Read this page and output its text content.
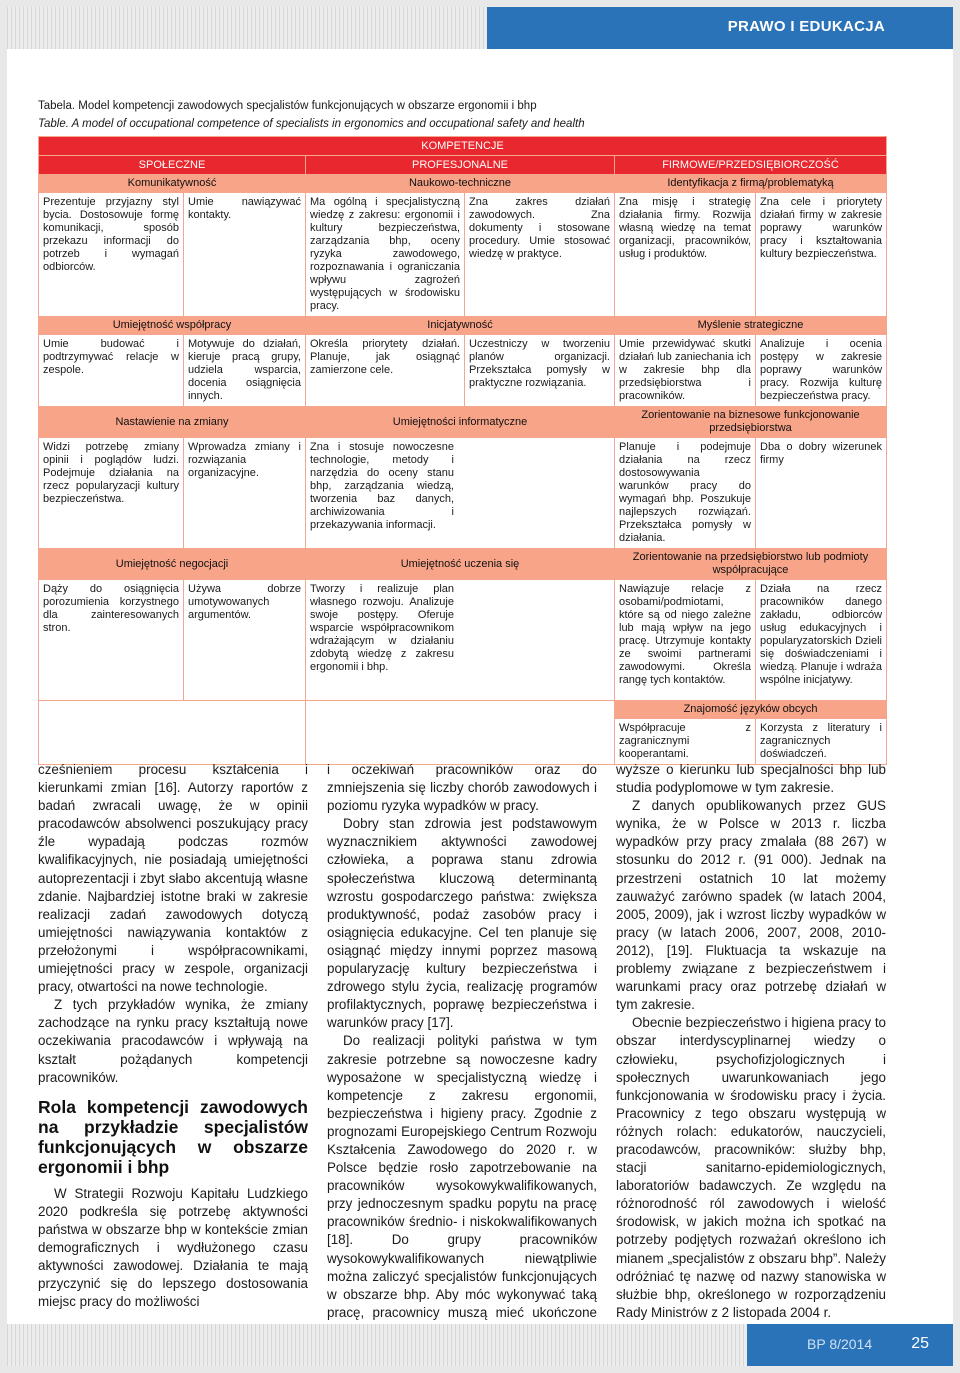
PRAWO I EDUKACJA
Tabela. Model kompetencji zawodowych specjalistów funkcjonujących w obszarze ergonomii i bhp
Table. A model of occupational competence of specialists in ergonomics and occupational safety and health
KOMPETENCJE					
SPOŁECZNE		PROFESJONALNE		FIRMOWE/PRZEDSIĘBIORCZOŚĆ	
Komunikatywność		Naukowo-techniczne		Identyfikacja z firmą/problematyką	
Prezentuje przyjazny styl bycia. Dostosowuje formę komunikacji, sposób przekazu informacji do potrzeb i wymagań odbiorców.	Umie nawiązywać kontakty.	Ma ogólną i specjalistyczną wiedzę z zakresu: ergonomii i kultury bezpieczeństwa, zarządzania bhp, oceny ryzyka zawodowego, rozpoznawania i ograniczania wpływu zagrożeń występujących w środowisku pracy.	Zna zakres działań zawodowych. Zna dokumenty i stosowane procedury. Umie stosować wiedzę w praktyce.	Zna misję i strategię działania firmy. Rozwija własną wiedzę na temat organizacji, pracowników, usług i produktów.	Zna cele i priorytety działań firmy w zakresie poprawy warunków pracy i kształtowania kultury bezpieczeństwa.
Umiejętność współpracy		Inicjatywność		Myślenie strategiczne	
Umie budować i podtrzymywać relacje w zespole.	Motywuje do działań, kieruje pracą grupy, udziela wsparcia, docenia osiągnięcia innych.	Określa priorytety działań. Planuje, jak osiągnąć zamierzone cele.	Uczestniczy w tworzeniu planów organizacji. Przekształca pomysły w praktyczne rozwiązania.	Umie przewidywać skutki działań lub zaniechania ich w zakresie bhp dla przedsiębiorstwa i pracowników.	Analizuje i ocenia postępy w zakresie poprawy warunków pracy. Rozwija kulturę bezpieczeństwa pracy.
Nastawienie na zmiany		Umiejętności informatyczne		Zorientowanie na biznesowe funkcjonowanie przedsiębiorstwa	
Widzi potrzebę zmiany opinii i poglądów ludzi. Podejmuje działania na rzecz popularyzacji kultury bezpieczeństwa.	Wprowadza zmiany i rozwiązania organizacyjne.	Zna i stosuje nowoczesne technologie, metody i narzędzia do oceny stanu bhp, zarządzania wiedzą, tworzenia baz danych, archiwizowania i przekazywania informacji.		Planuje i podejmuje działania na rzecz dostosowywania warunków pracy do wymagań bhp. Poszukuje najlepszych rozwiązań. Przekształca pomysły w działania.	Dba o dobry wizerunek firmy
Umiejętność negocjacji		Umiejętność uczenia się		Zorientowanie na przedsiębiorstwo lub podmioty współpracujące	
Dąży do osiągnięcia porozumienia korzystnego dla zainteresowanych stron.	Używa dobrze umotywowanych argumentów.	Tworzy i realizuje plan własnego rozwoju. Analizuje swoje postępy. Oferuje wsparcie współpracownikom wdrażającym w działaniu zdobytą wiedzę z zakresu ergonomii i bhp.		Nawiązuje relacje z osobami/podmiotami, które są od niego zależne lub mają wpływ na jego pracę. Utrzymuje kontakty ze swoimi partnerami zawodowymi. Określa rangę tych kontaktów.	Działa na rzecz pracowników danego zakładu, odbiorców usług edukacyjnych i popularyzatorskich Dzieli się doświadczeniami i wiedzą. Planuje i wdraża wspólne inicjatywy.
				Znajomość języków obcych	
				Współpracuje z zagranicznymi kooperantami.	Korzysta z literatury i zagranicznych doświadczeń.

cześnieniem procesu kształcenia i kierunkami zmian [16]. Autorzy raportów z badań zwracali uwagę, że w opinii pracodawców absolwenci poszukujący pracy źle wypadają podczas rozmów kwalifikacyjnych, nie posiadają umiejętności autoprezentacji i zbyt słabo akcentują własne zdanie. Najbardziej istotne braki w zakresie realizacji zadań zawodowych dotyczą umiejętności nawiązywania kontaktów z przełożonymi i współpracownikami, umiejętności pracy w zespole, organizacji pracy, otwartości na nowe technologie.

Z tych przykładów wynika, że zmiany zachodzące na rynku pracy kształtują nowe oczekiwania pracodawców i wpływają na kształt pożądanych kompetencji pracowników.

Rola kompetencji zawodowych na przykładzie specjalistów funkcjonujących w obszarze ergonomii i bhp

W Strategii Rozwoju Kapitału Ludzkiego 2020 podkreśla się potrzebę aktywności państwa w obszarze bhp w kontekście zmian demograficznych i wydłużonego czasu aktywności zawodowej. Działania te mają przyczynić się do lepszego dostosowania miejsc pracy do możliwości

i oczekiwań pracowników oraz do zmniejszenia się liczby chorób zawodowych i poziomu ryzyka wypadków w pracy.

Dobry stan zdrowia jest podstawowym wyznacznikiem aktywności zawodowej człowieka, a poprawa stanu zdrowia społeczeństwa kluczową determinantą wzrostu gospodarczego państwa: zwiększa produktywność, podaż zasobów pracy i osiągnięcia edukacyjne. Cel ten planuje się osiągnąć między innymi poprzez masową popularyzację kultury bezpieczeństwa i zdrowego stylu życia, realizację programów profilaktycznych, poprawę bezpieczeństwa i warunków pracy [17].

Do realizacji polityki państwa w tym zakresie potrzebne są nowoczesne kadry wyposażone w specjalistyczną wiedzę i kompetencje z zakresu ergonomii, bezpieczeństwa i higieny pracy. Zgodnie z prognozami Europejskiego Centrum Rozwoju Kształcenia Zawodowego do 2020 r. w Polsce będzie rosło zapotrzebowanie na pracowników wysokowykwalifikowanych, przy jednoczesnym spadku popytu na pracę pracowników średnio- i niskokwalifikowanych [18]. Do grupy pracowników wysokowykwalifikowanych niewątpliwie można zaliczyć specjalistów funkcjonujących w obszarze bhp. Aby móc wykonywać taką pracę, pracownicy muszą mieć ukończone

wyższe o kierunku lub specjalności bhp lub studia podyplomowe w tym zakresie.

Z danych opublikowanych przez GUS wynika, że w Polsce w 2013 r. liczba wypadków przy pracy zmalała (88 267) w stosunku do 2012 r. (91 000). Jednak na przestrzeni ostatnich 10 lat możemy zauważyć zarówno spadek (w latach 2004, 2005, 2009), jak i wzrost liczby wypadków w pracy (w latach 2006, 2007, 2008, 2010-2012), [19]. Fluktuacja ta wskazuje na problemy związane z bezpieczeństwem i warunkami pracy oraz potrzebę działań w tym zakresie.

Obecnie bezpieczeństwo i higiena pracy to obszar interdyscyplinarnej wiedzy o człowieku, psychofizjologicznych i społecznych uwarunkowaniach jego funkcjonowania w środowisku pracy i życia. Pracownicy z tego obszaru występują w różnych rolach: edukatorów, nauczycieli, pracodawców, pracowników: służby bhp, stacji sanitarno-epidemiologicznych, laboratoriów badawczych. Ze względu na różnorodność ról zawodowych i wielość środowisk, w jakich można ich spotkać na potrzeby podjętych rozważań określono ich mianem „specjalistów z obszaru bhp”. Należy odróżniać tę nazwę od nazwy stanowiska w służbie bhp, określonego w rozporządzeniu Rady Ministrów z 2 listopada 2004 r.

BP 8/2014 25
